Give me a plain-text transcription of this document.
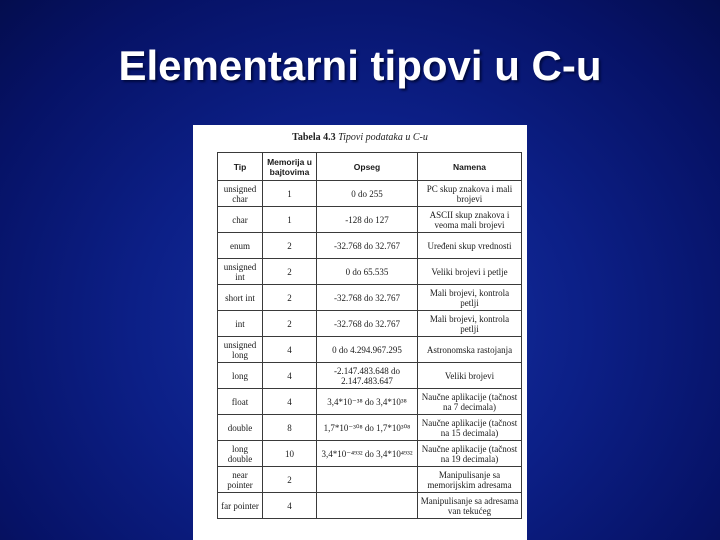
Elementarni tipovi u C-u
Tabela 4.3 Tipovi podataka u C-u
Tip	Memorija u bajtovima	Opseg	Namena
unsigned char	1	0 do 255	PC skup znakova i mali brojevi
char	1	-128 do 127	ASCII skup znakova i veoma mali brojevi
enum	2	-32.768 do 32.767	Uređeni skup vrednosti
unsigned int	2	0 do 65.535	Veliki brojevi i petlje
short int	2	-32.768 do 32.767	Mali brojevi, kontrola petlji
int	2	-32.768 do 32.767	Mali brojevi, kontrola petlji
unsigned long	4	0 do 4.294.967.295	Astronomska rastojanja
long	4	-2.147.483.648 do 2.147.483.647	Veliki brojevi
float	4	3,4*10⁻³⁸ do 3,4*10³⁸	Naučne aplikacije (tačnost na 7 decimala)
double	8	1,7*10⁻³⁰⁸ do 1,7*10³⁰⁸	Naučne aplikacije (tačnost na 15 decimala)
long double	10	3,4*10⁻⁴⁹³² do 3,4*10⁴⁹³²	Naučne aplikacije (tačnost na 19 decimala)
near pointer	2		Manipulisanje sa memorijskim adresama
far pointer	4		Manipulisanje sa adresama van tekućeg
